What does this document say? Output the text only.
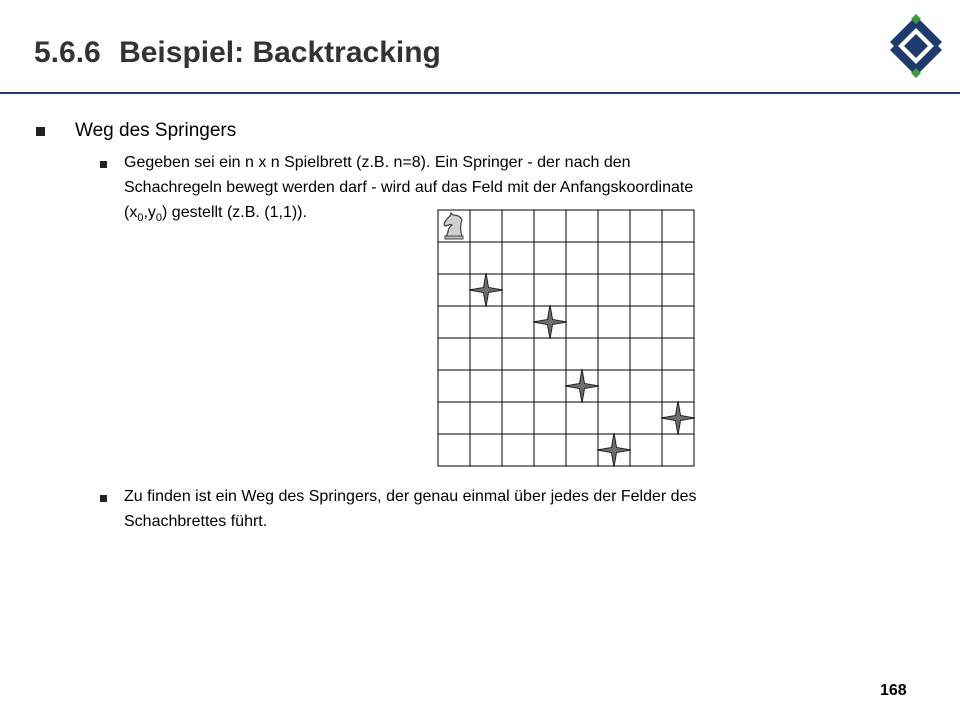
5.6.6 Beispiel: Backtracking
Weg des Springers
Gegeben sei ein n x n Spielbrett (z.B. n=8). Ein Springer - der nach den
Schachregeln bewegt werden darf - wird auf das Feld mit der Anfangskoordinate
$(x_0,y_0)$ gestellt (z.B. (1,1)).
Zu finden ist ein Weg des Springers, der genau einmal über jedes der Felder des
Schachbrettes führt.
168
